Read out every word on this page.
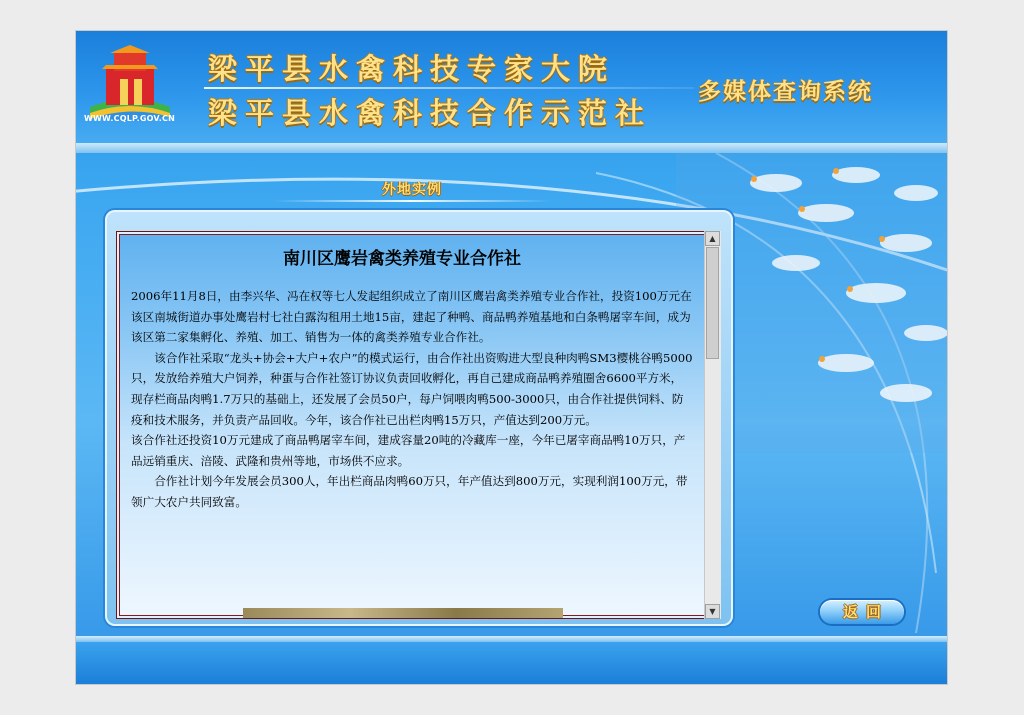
WWW.CQLP.GOV.CN
梁平县水禽科技专家大院
梁平县水禽科技合作示范社
多媒体查询系统
外地实例
南川区鹰岩禽类养殖专业合作社

2006年11月8日，由李兴华、冯在权等七人发起组织成立了南川区鹰岩禽类养殖专业合作社，投资100万元在该区南城街道办事处鹰岩村七社白露沟租用土地15亩，建起了种鸭、商品鸭养殖基地和白条鸭屠宰车间，成为该区第二家集孵化、养殖、加工、销售为一体的禽类养殖专业合作社。

该合作社采取“龙头+协会+大户+农户”的模式运行，由合作社出资购进大型良种肉鸭SM3樱桃谷鸭5000只，发放给养殖大户饲养，种蛋与合作社签订协议负责回收孵化，再自己建成商品鸭养殖圈舍6600平方米，现存栏商品肉鸭1.7万只的基础上，还发展了会员50户，每户饲喂肉鸭500-3000只，由合作社提供饲料、防疫和技术服务，并负责产品回收。今年，该合作社已出栏肉鸭15万只，产值达到200万元。

该合作社还投资10万元建成了商品鸭屠宰车间，建成容量20吨的冷藏库一座，今年已屠宰商品鸭10万只，产品远销重庆、涪陵、武隆和贵州等地，市场供不应求。

合作社计划今年发展会员300人，年出栏商品肉鸭60万只，年产值达到800万元，实现利润100万元，带领广大农户共同致富。

▲
▼	返回
